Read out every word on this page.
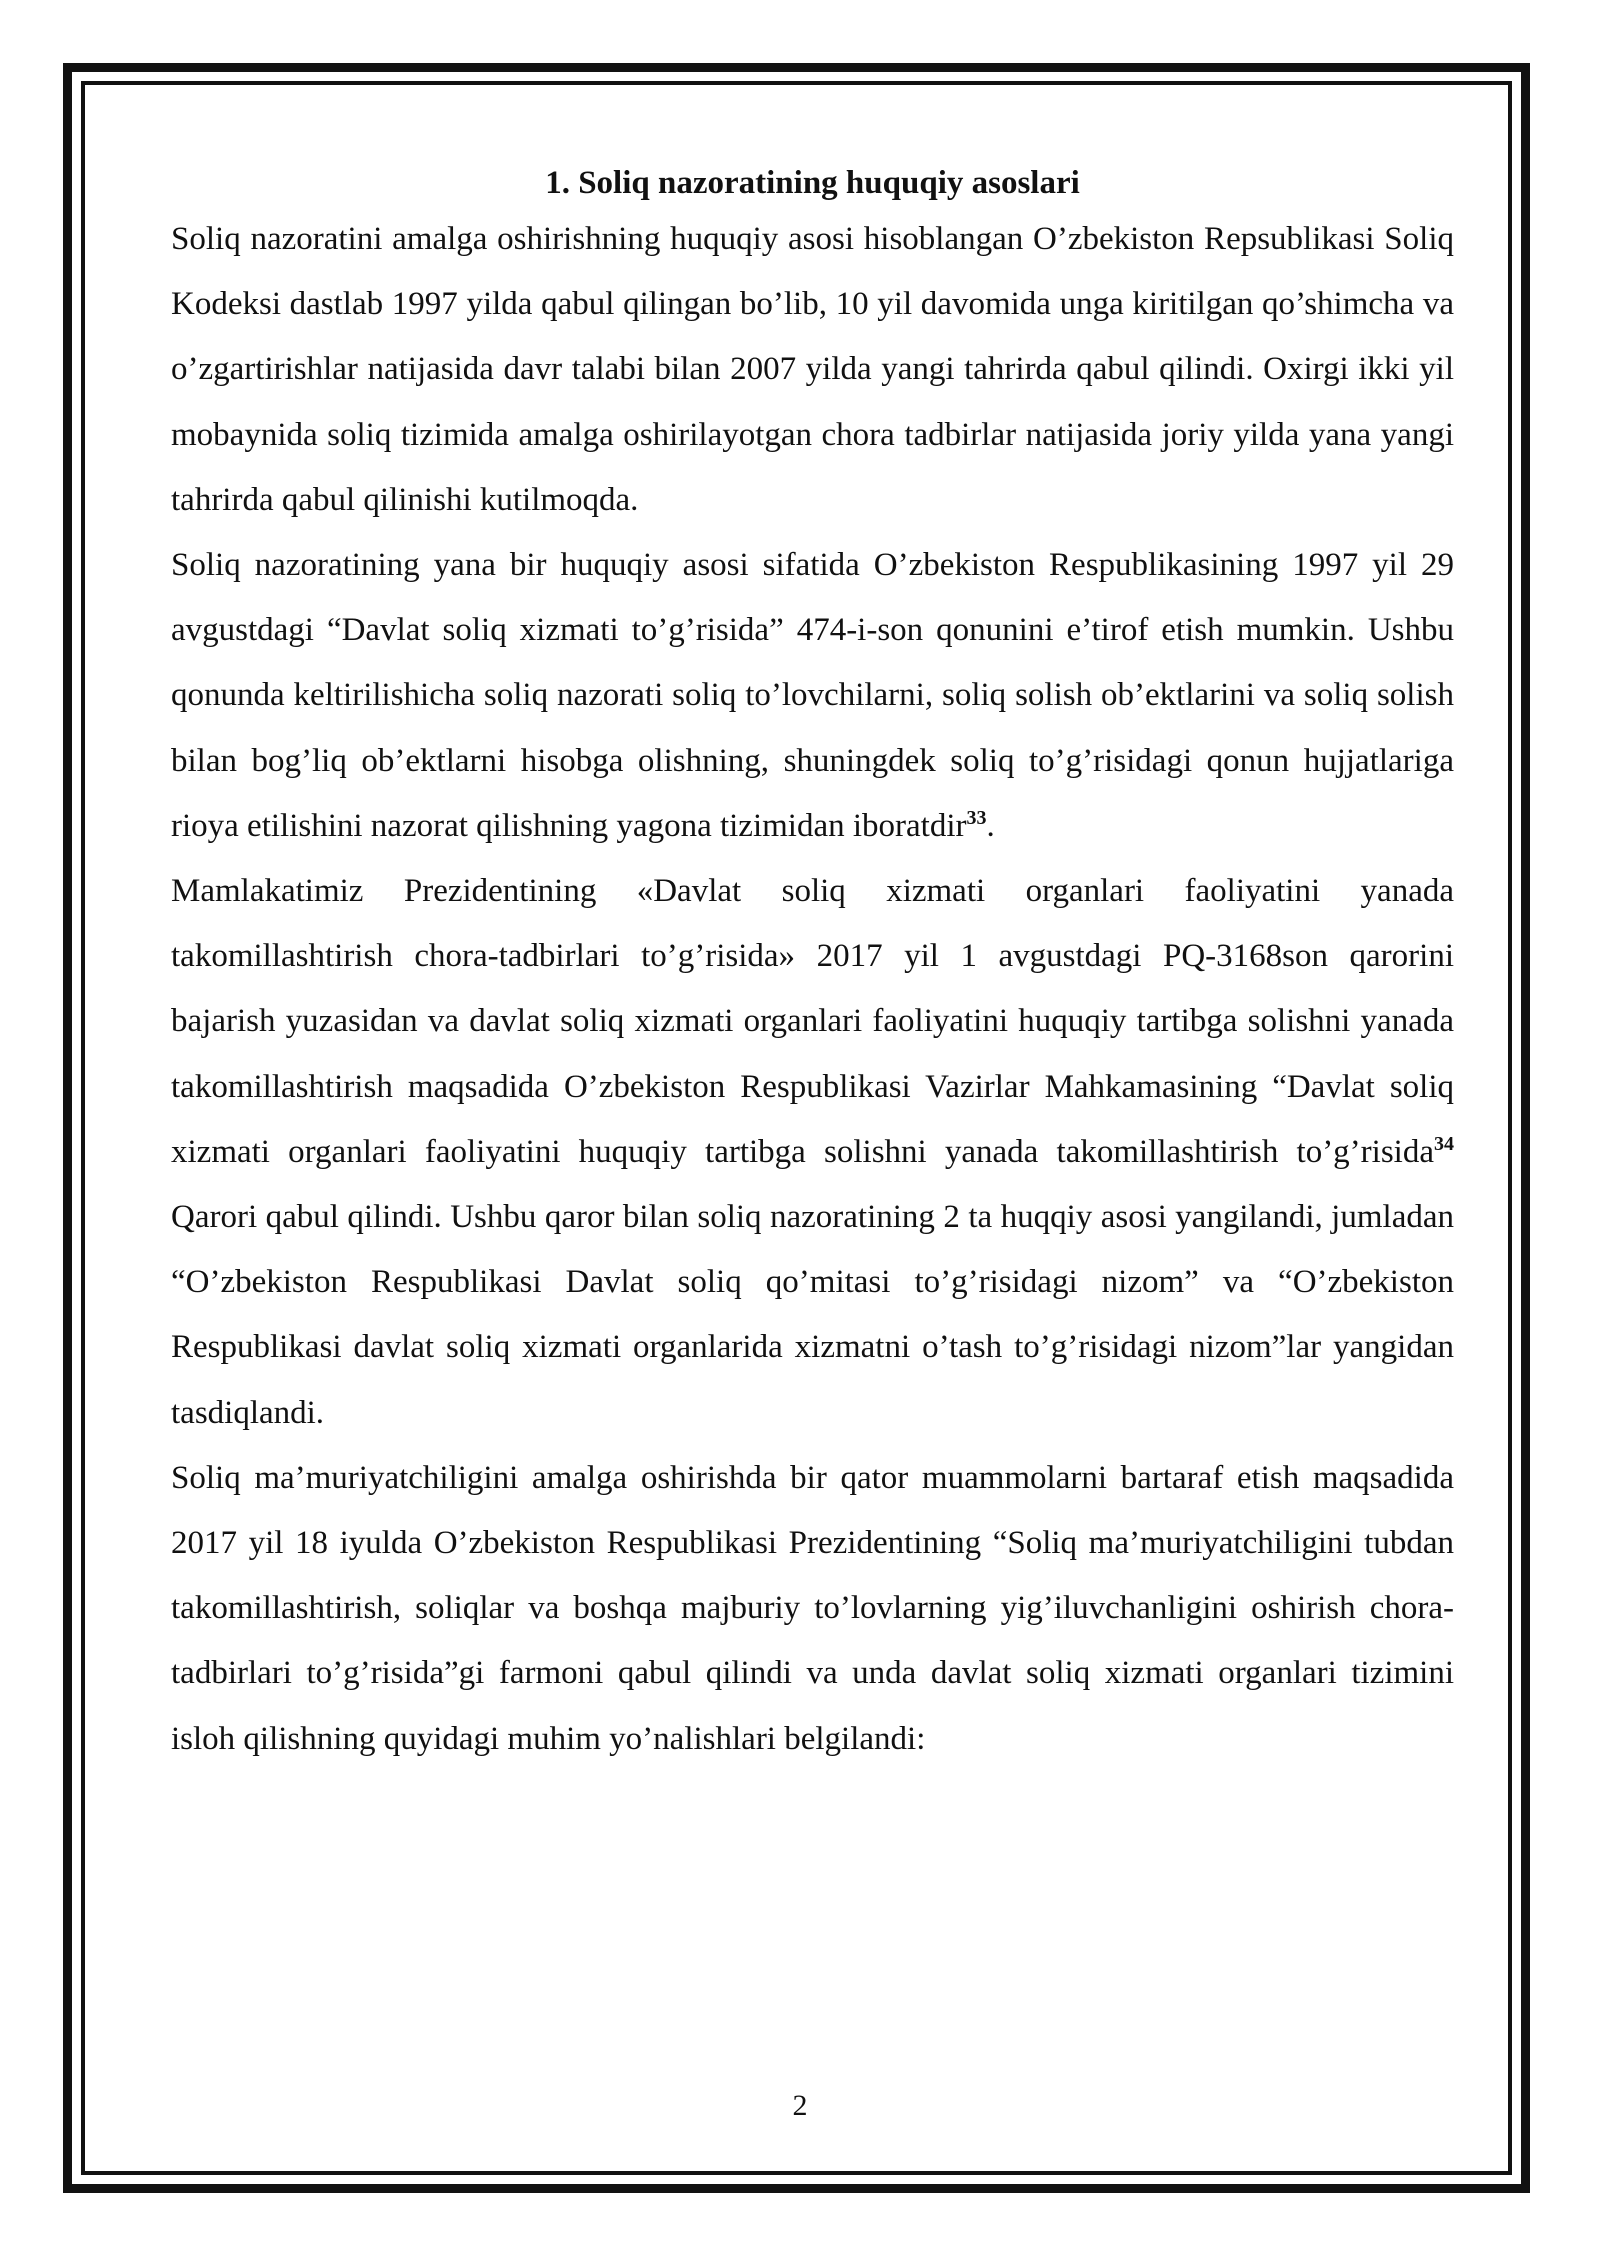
1. Soliq nazoratining huquqiy asoslari

Soliq nazoratini amalga oshirishning huquqiy asosi hisoblangan O’zbekiston Repsublikasi Soliq Kodeksi dastlab 1997 yilda qabul qilingan bo’lib, 10 yil davomida unga kiritilgan qo’shimcha va o’zgartirishlar natijasida davr talabi bilan 2007 yilda yangi tahrirda qabul qilindi. Oxirgi ikki yil mobaynida soliq tizimida amalga oshirilayotgan chora tadbirlar natijasida joriy yilda yana yangi tahrirda qabul qilinishi kutilmoqda.

Soliq nazoratining yana bir huquqiy asosi sifatida O’zbekiston Respublikasining 1997 yil 29 avgustdagi “Davlat soliq xizmati to’g’risida” 474-i-son qonunini e’tirof etish mumkin. Ushbu qonunda keltirilishicha soliq nazorati soliq to’lovchilarni, soliq solish ob’ektlarini va soliq solish bilan bog’liq ob’ektlarni hisobga olishning, shuningdek soliq to’g’risidagi qonun hujjatlariga rioya etilishini nazorat qilishning yagona tizimidan iboratdir$^{33}$.

Mamlakatimiz Prezidentining «Davlat soliq xizmati organlari faoliyatini yanada takomillashtirish chora-tadbirlari to’g’risida» 2017 yil 1 avgustdagi PQ-3168son qarorini bajarish yuzasidan va davlat soliq xizmati organlari faoliyatini huquqiy tartibga solishni yanada takomillashtirish maqsadida O’zbekiston Respublikasi Vazirlar Mahkamasining “Davlat soliq xizmati organlari faoliyatini huquqiy tartibga solishni yanada takomillashtirish to’g’risida$^{34}$ Qarori qabul qilindi. Ushbu qaror bilan soliq nazoratining 2 ta huqqiy asosi yangilandi, jumladan “O’zbekiston Respublikasi Davlat soliq qo’mitasi to’g’risidagi nizom” va “O’zbekiston Respublikasi davlat soliq xizmati organlarida xizmatni o’tash to’g’risidagi nizom”lar yangidan tasdiqlandi.

Soliq ma’muriyatchiligini amalga oshirishda bir qator muammolarni bartaraf etish maqsadida 2017 yil 18 iyulda O’zbekiston Respublikasi Prezidentining “Soliq ma’muriyatchiligini tubdan takomillashtirish, soliqlar va boshqa majburiy to’lovlarning yig’iluvchanligini oshirish chora-tadbirlari to’g’risida”gi farmoni qabul qilindi va unda davlat soliq xizmati organlari tizimini isloh qilishning quyidagi muhim yo’nalishlari belgilandi:

2
